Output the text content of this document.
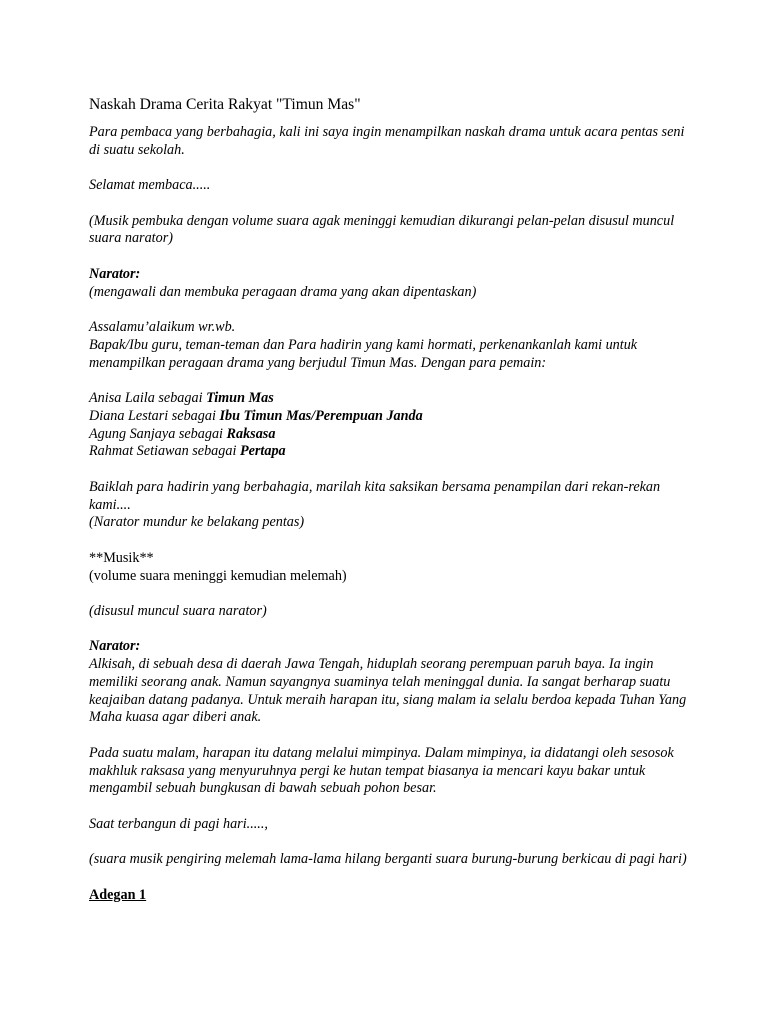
Naskah Drama Cerita Rakyat "Timun Mas"
Para pembaca yang berbahagia, kali ini saya ingin menampilkan naskah drama untuk acara pentas seni di suatu sekolah.
Selamat membaca.....
(Musik pembuka dengan volume suara agak meninggi kemudian dikurangi pelan-pelan disusul muncul suara narator)
Narator:
(mengawali dan membuka peragaan drama yang akan dipentaskan)
Assalamu’alaikum wr.wb.
Bapak/Ibu guru, teman-teman dan Para hadirin yang kami hormati, perkenankanlah kami untuk menampilkan peragaan drama yang berjudul Timun Mas. Dengan para pemain:
Anisa Laila sebagai Timun Mas
Diana Lestari sebagai Ibu Timun Mas/Perempuan Janda
Agung Sanjaya sebagai Raksasa
Rahmat Setiawan sebagai Pertapa
Baiklah para hadirin yang berbahagia, marilah kita saksikan bersama penampilan dari rekan-rekan kami....
(Narator mundur ke belakang pentas)
**Musik**
(volume suara meninggi kemudian melemah)
(disusul muncul suara narator)
Narator:
Alkisah, di sebuah desa di daerah Jawa Tengah, hiduplah seorang perempuan paruh baya. Ia ingin memiliki seorang anak. Namun sayangnya suaminya telah meninggal dunia. Ia sangat berharap suatu keajaiban datang padanya. Untuk meraih harapan itu, siang malam ia selalu berdoa kepada Tuhan Yang Maha kuasa agar diberi anak.
Pada suatu malam, harapan itu datang melalui mimpinya. Dalam mimpinya, ia didatangi oleh sesosok makhluk raksasa yang menyuruhnya pergi ke hutan tempat biasanya ia mencari kayu bakar untuk mengambil sebuah bungkusan di bawah sebuah pohon besar.
Saat terbangun di pagi hari.....,
(suara musik pengiring melemah lama-lama hilang berganti suara burung-burung berkicau di pagi hari)
Adegan 1
